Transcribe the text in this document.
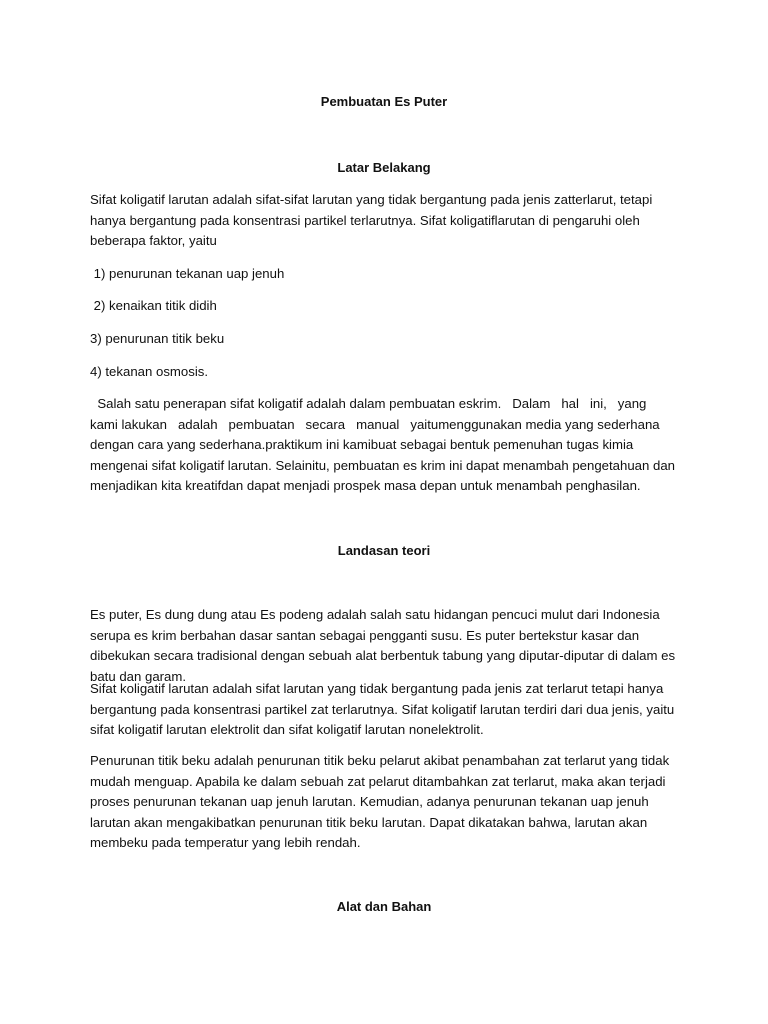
Pembuatan Es Puter
Latar Belakang

Sifat koligatif larutan adalah sifat-sifat larutan yang tidak bergantung pada jenis zatterlarut, tetapi hanya bergantung pada konsentrasi partikel terlarutnya. Sifat koligatiflarutan di pengaruhi oleh beberapa faktor, yaitu

1) penurunan tekanan uap jenuh

2) kenaikan titik didih

3) penurunan titik beku

4) tekanan osmosis.

Salah satu penerapan sifat koligatif adalah dalam pembuatan eskrim.   Dalam   hal   ini,   yang   kami lakukan   adalah   pembuatan   secara   manual   yaitumenggunakan media yang sederhana dengan cara yang sederhana.praktikum ini kamibuat sebagai bentuk pemenuhan tugas kimia mengenai sifat koligatif larutan. Selainitu, pembuatan es krim ini dapat menambah pengetahuan dan menjadikan kita kreatifdan dapat menjadi prospek masa depan untuk menambah penghasilan.

Landasan teori

Es puter, Es dung dung atau Es podeng adalah salah satu hidangan pencuci mulut dari Indonesia serupa es krim berbahan dasar santan sebagai pengganti susu. Es puter bertekstur kasar dan dibekukan secara tradisional dengan sebuah alat berbentuk tabung yang diputar-diputar di dalam es batu dan garam.

Sifat koligatif larutan adalah sifat larutan yang tidak bergantung pada jenis zat terlarut tetapi hanya bergantung pada konsentrasi partikel zat terlarutnya. Sifat koligatif larutan terdiri dari dua jenis, yaitu sifat koligatif larutan elektrolit dan sifat koligatif larutan nonelektrolit.

Penurunan titik beku adalah penurunan titik beku pelarut akibat penambahan zat terlarut yang tidak mudah menguap. Apabila ke dalam sebuah zat pelarut ditambahkan zat terlarut, maka akan terjadi proses penurunan tekanan uap jenuh larutan. Kemudian, adanya penurunan tekanan uap jenuh larutan akan mengakibatkan penurunan titik beku larutan. Dapat dikatakan bahwa, larutan akan membeku pada temperatur yang lebih rendah.

Alat dan Bahan
